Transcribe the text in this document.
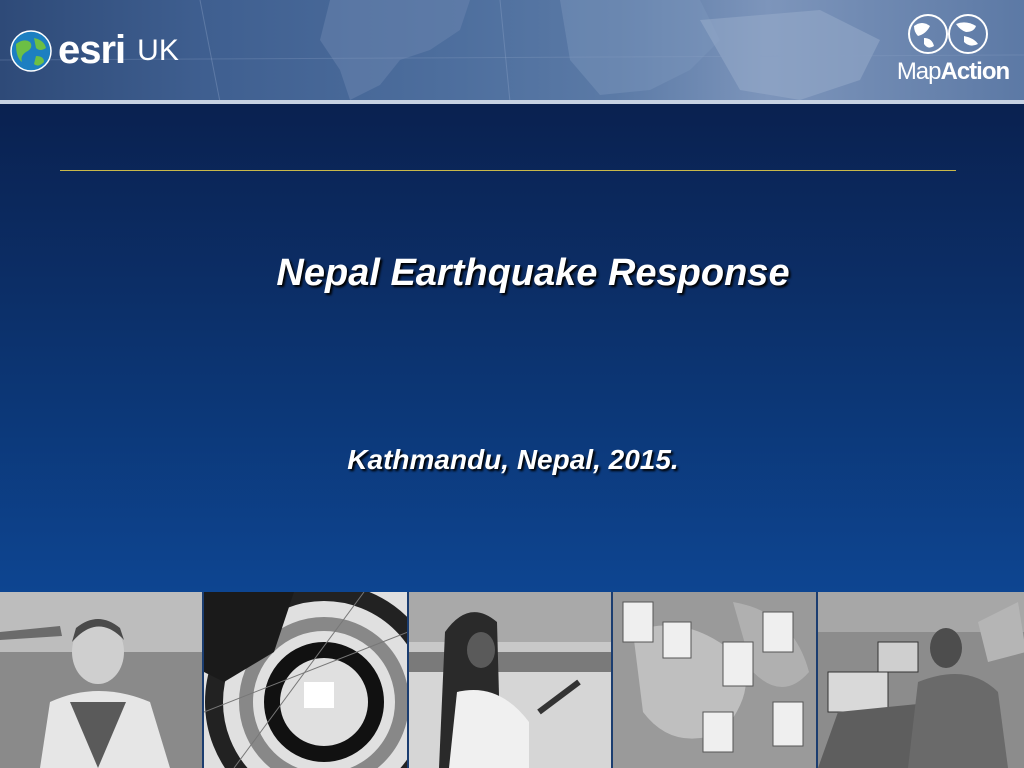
esri UK
MapAction
Nepal Earthquake Response
Kathmandu, Nepal, 2015.
